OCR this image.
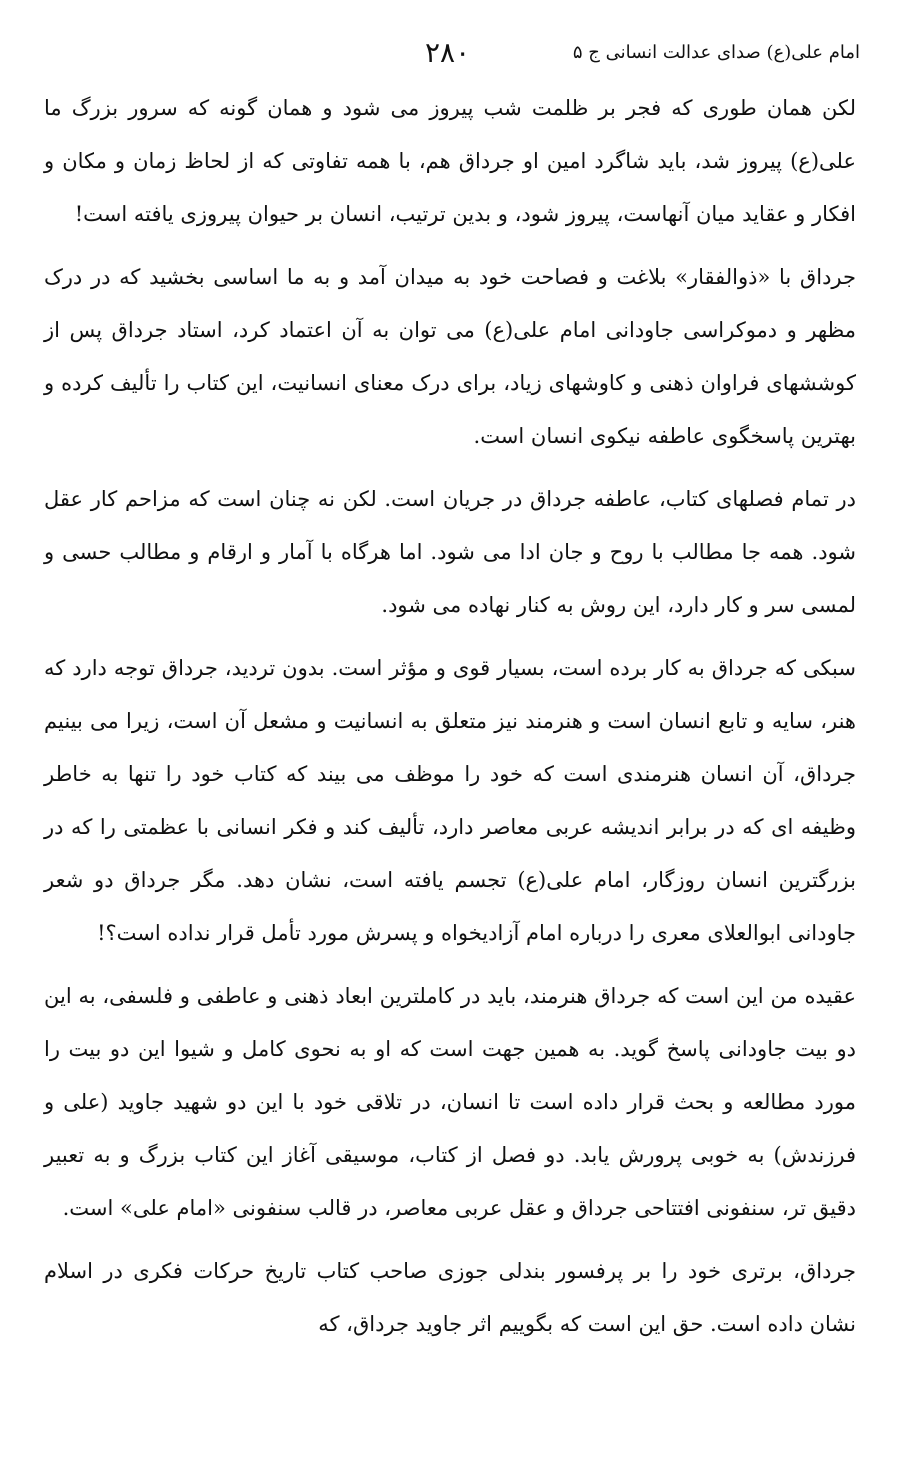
امام علی(ع) صدای عدالت انسانی ج ۵
۲۸۰

لکن همان طوری که فجر بر ظلمت شب پیروز می شود و همان گونه که سرور بزرگ ما علی(ع) پیروز شد، باید شاگرد امین او جرداق هم، با همه تفاوتی که از لحاظ زمان و مکان و افکار و عقاید میان آنهاست، پیروز شود، و بدین ترتیب، انسان بر حیوان پیروزی یافته است!

جرداق با «ذوالفقار» بلاغت و فصاحت خود به میدان آمد و به ما اساسی بخشید که در درک مظهر و دموکراسی جاودانی امام علی(ع) می توان به آن اعتماد کرد، استاد جرداق پس از کوششهای فراوان ذهنی و کاوشهای زیاد، برای درک معنای انسانیت، این کتاب را تألیف کرده و بهترین پاسخگوی عاطفه نیکوی انسان است.

در تمام فصلهای کتاب، عاطفه جرداق در جریان است. لکن نه چنان است که مزاحم کار عقل شود. همه جا مطالب با روح و جان ادا می شود. اما هرگاه با آمار و ارقام و مطالب حسی و لمسی سر و کار دارد، این روش به کنار نهاده می شود.

سبکی که جرداق به کار برده است، بسیار قوی و مؤثر است. بدون تردید، جرداق توجه دارد که هنر، سایه و تابع انسان است و هنرمند نیز متعلق به انسانیت و مشعل آن است، زیرا می بینیم جرداق، آن انسان هنرمندی است که خود را موظف می بیند که کتاب خود را تنها به خاطر وظیفه ای که در برابر اندیشه عربی معاصر دارد، تألیف کند و فکر انسانی با عظمتی را که در بزرگترین انسان روزگار، امام علی(ع) تجسم یافته است، نشان دهد. مگر جرداق دو شعر جاودانی ابوالعلای معری را درباره امام آزادیخواه و پسرش مورد تأمل قرار نداده است؟!

عقیده من این است که جرداق هنرمند، باید در کاملترین ابعاد ذهنی و عاطفی و فلسفی، به این دو بیت جاودانی پاسخ گوید. به همین جهت است که او به نحوی کامل و شیوا این دو بیت را مورد مطالعه و بحث قرار داده است تا انسان، در تلاقی خود با این دو شهید جاوید (علی و فرزندش) به خوبی پرورش یابد. دو فصل از کتاب، موسیقی آغاز این کتاب بزرگ و به تعبیر دقیق تر، سنفونی افتتاحی جرداق و عقل عربی معاصر، در قالب سنفونی «امام علی» است.

جرداق، برتری خود را بر پرفسور بندلی جوزی صاحب کتاب تاریخ حرکات فکری در اسلام نشان داده است. حق این است که بگوییم اثر جاوید جرداق، که
